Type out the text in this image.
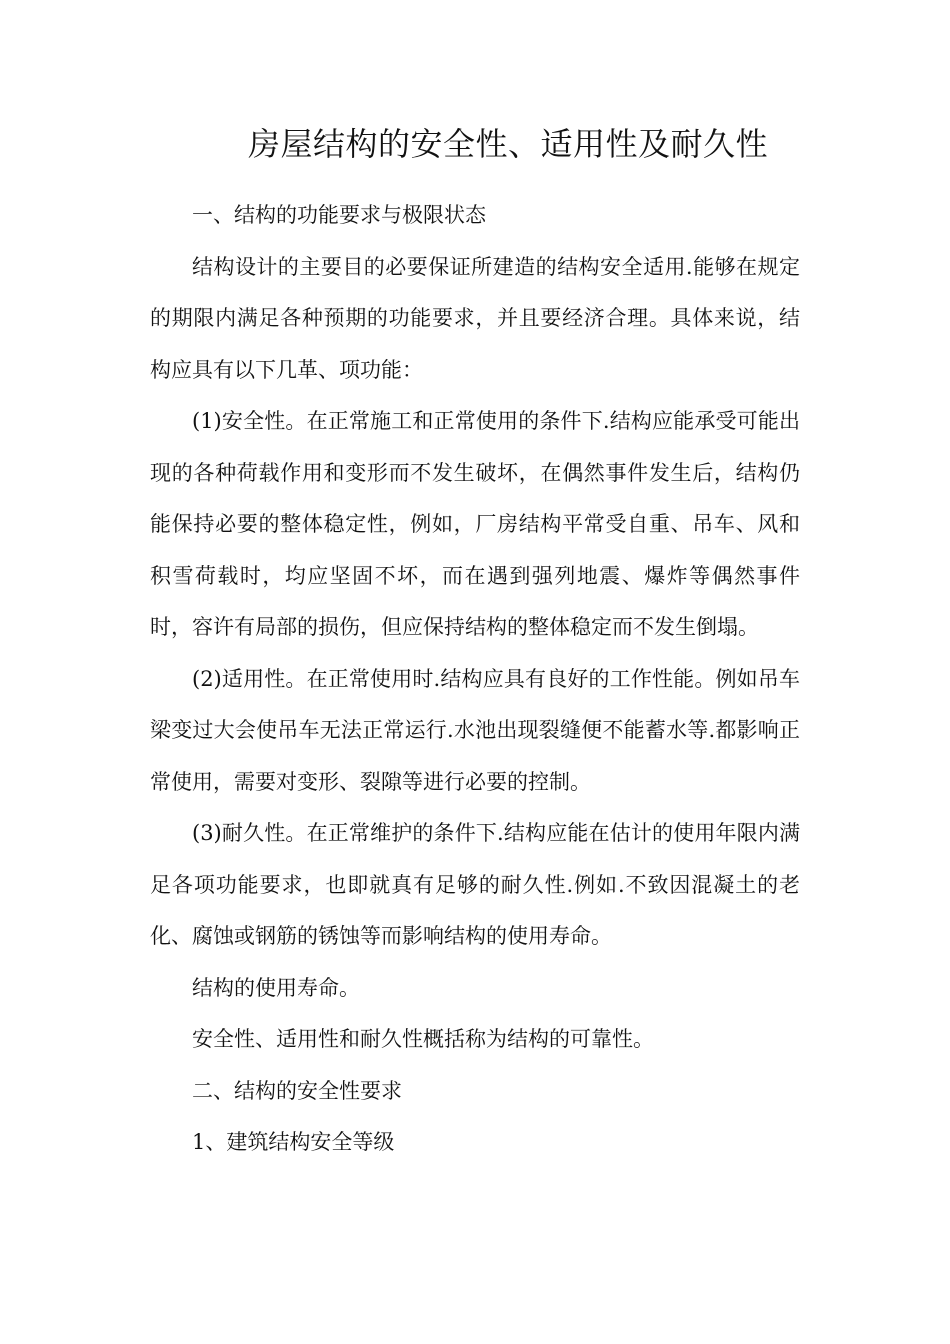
房屋结构的安全性、适用性及耐久性

一、结构的功能要求与极限状态

结构设计的主要目的必要保证所建造的结构安全适用.能够在规定的期限内满足各种预期的功能要求，并且要经济合理。具体来说，结构应具有以下几革、项功能：

(1)安全性。在正常施工和正常使用的条件下.结构应能承受可能出现的各种荷载作用和变形而不发生破坏，在偶然事件发生后，结构仍能保持必要的整体稳定性，例如，厂房结构平常受自重、吊车、风和积雪荷载时，均应坚固不坏，而在遇到强列地震、爆炸等偶然事件时，容许有局部的损伤，但应保持结构的整体稳定而不发生倒塌。

(2)适用性。在正常使用时.结构应具有良好的工作性能。例如吊车梁变过大会使吊车无法正常运行.水池出现裂缝便不能蓄水等.都影响正常使用，需要对变形、裂隙等进行必要的控制。

(3)耐久性。在正常维护的条件下.结构应能在估计的使用年限内满足各项功能要求，也即就真有足够的耐久性.例如.不致因混凝土的老化、腐蚀或钢筋的锈蚀等而影响结构的使用寿命。

结构的使用寿命。

安全性、适用性和耐久性概括称为结构的可靠性。

二、结构的安全性要求

1、建筑结构安全等级
